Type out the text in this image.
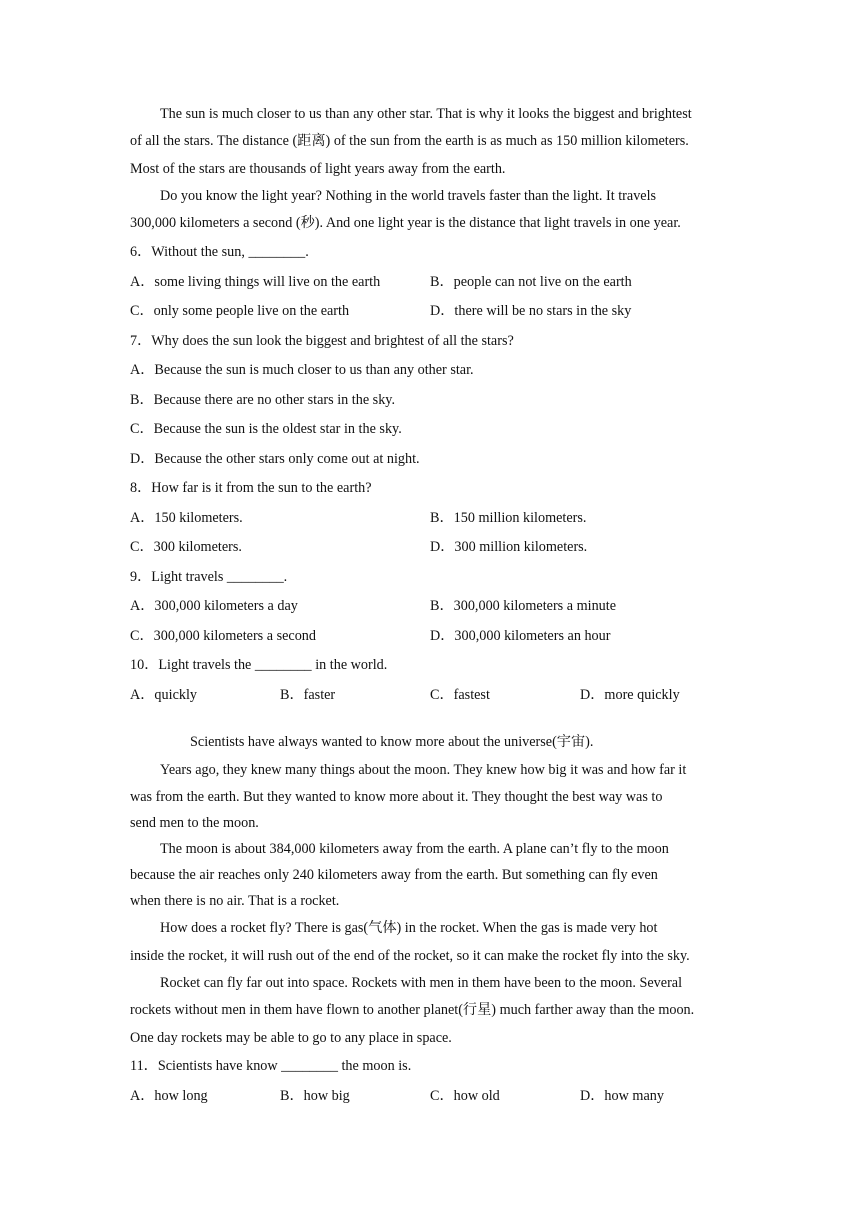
The sun is much closer to us than any other star. That is why it looks the biggest and brightest
of all the stars. The distance (距离) of the sun from the earth is as much as 150 million kilometers.
Most of the stars are thousands of light years away from the earth.
Do you know the light year? Nothing in the world travels faster than the light. It travels
300,000 kilometers a second (秒). And one light year is the distance that light travels in one year.
6．Without the sun, ________.
A．some living things will live on the earth	B．people can not live on the earth
C．only some people live on the earth	D．there will be no stars in the sky
7．Why does the sun look the biggest and brightest of all the stars?
A．Because the sun is much closer to us than any other star.
B．Because there are no other stars in the sky.
C．Because the sun is the oldest star in the sky.
D．Because the other stars only come out at night.
8．How far is it from the sun to the earth?
A．150 kilometers.	B．150 million kilometers.
C．300 kilometers.	D．300 million kilometers.
9．Light travels ________.
A．300,000 kilometers a day	B．300,000 kilometers a minute
C．300,000 kilometers a second	D．300,000 kilometers an hour
10．Light travels the ________ in the world.
A．quickly	B．faster	C．fastest	D．more quickly
Scientists have always wanted to know more about the universe(宇宙).
Years ago, they knew many things about the moon. They knew how big it was and how far it
was from the earth. But they wanted to know more about it. They thought the best way was to
send men to the moon.
The moon is about 384,000 kilometers away from the earth. A plane can’t fly to the moon
because the air reaches only 240 kilometers away from the earth. But something can fly even
when there is no air. That is a rocket.
How does a rocket fly? There is gas(气体) in the rocket. When the gas is made very hot
inside the rocket, it will rush out of the end of the rocket, so it can make the rocket fly into the sky.
Rocket can fly far out into space. Rockets with men in them have been to the moon. Several
rockets without men in them have flown to another planet(行星) much farther away than the moon.
One day rockets may be able to go to any place in space.
11．Scientists have know ________ the moon is.
A．how long	B．how big	C．how old	D．how many
